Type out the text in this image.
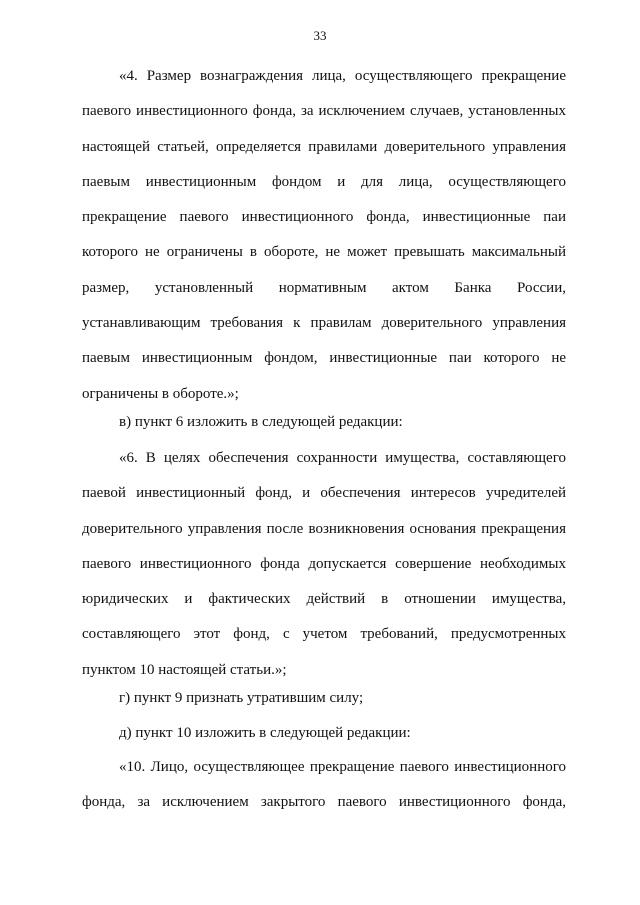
33

«4. Размер вознаграждения лица, осуществляющего прекращение паевого инвестиционного фонда, за исключением случаев, установленных настоящей статьей, определяется правилами доверительного управления паевым инвестиционным фондом и для лица, осуществляющего прекращение паевого инвестиционного фонда, инвестиционные паи которого не ограничены в обороте, не может превышать максимальный размер, установленный нормативным актом Банка России, устанавливающим требования к правилам доверительного управления паевым инвестиционным фондом, инвестиционные паи которого не ограничены в обороте.»;

в) пункт 6 изложить в следующей редакции:

«6. В целях обеспечения сохранности имущества, составляющего паевой инвестиционный фонд, и обеспечения интересов учредителей доверительного управления после возникновения основания прекращения паевого инвестиционного фонда допускается совершение необходимых юридических и фактических действий в отношении имущества, составляющего этот фонд, с учетом требований, предусмотренных пунктом 10 настоящей статьи.»;

г) пункт 9 признать утратившим силу;

д) пункт 10 изложить в следующей редакции:

«10. Лицо, осуществляющее прекращение паевого инвестиционного фонда, за исключением закрытого паевого инвестиционного фонда,
